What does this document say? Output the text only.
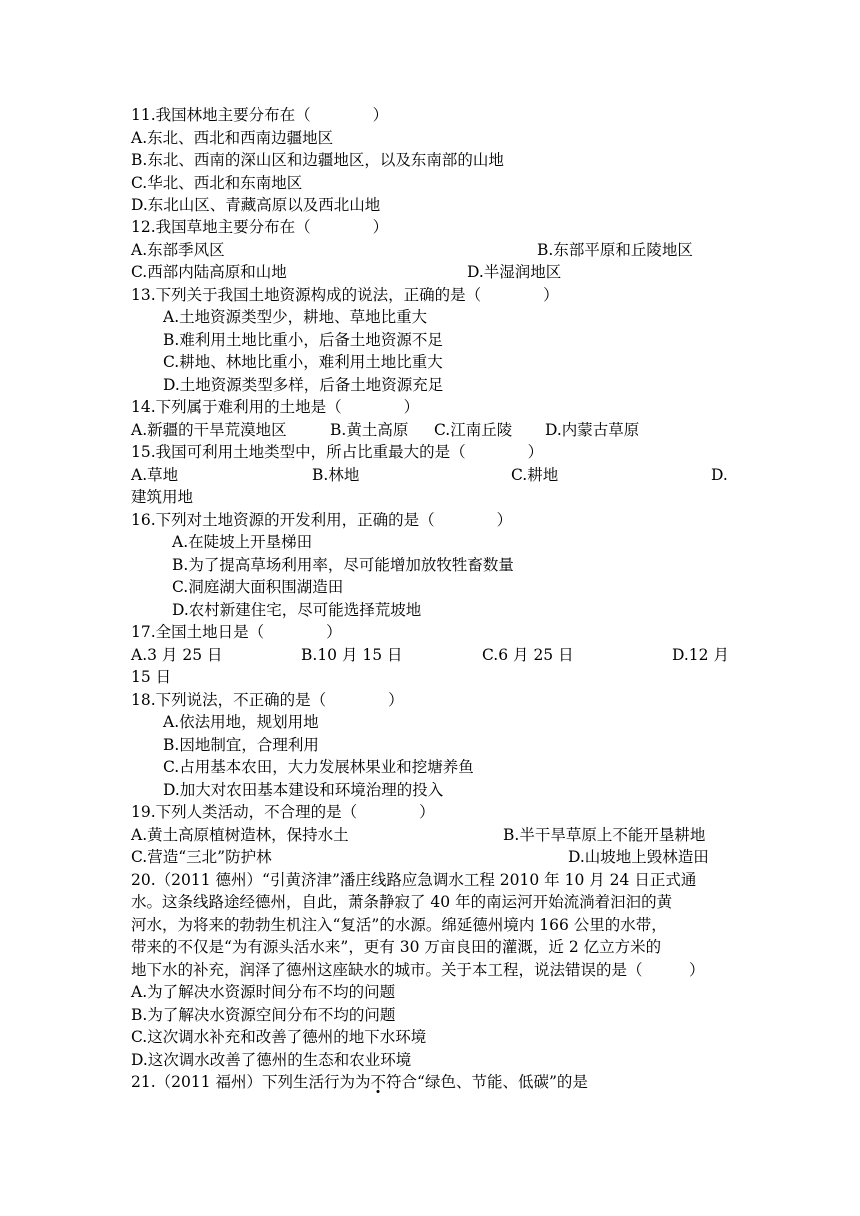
11.我国林地主要分布在（　　　　）
A.东北、西北和西南边疆地区
B.东北、西南的深山区和边疆地区，以及东南部的山地
C.华北、西北和东南地区
D.东北山区、青藏高原以及西北山地
12.我国草地主要分布在（　　　　）
A.东部季风区	B.东部平原和丘陵地区
C.西部内陆高原和山地	D.半湿润地区
13.下列关于我国土地资源构成的说法，正确的是（　　　　）
A.土地资源类型少，耕地、草地比重大
B.难利用土地比重小，后备土地资源不足
C.耕地、林地比重小，难利用土地比重大
D.土地资源类型多样，后备土地资源充足
14.下列属于难利用的土地是（　　　　）
A.新疆的干旱荒漠地区	B.黄土高原 C.江南丘陵 D.内蒙古草原
15.我国可利用土地类型中，所占比重最大的是（　　　　）
A.草地	B.林地	C.耕地	D.
建筑用地
16.下列对土地资源的开发利用，正确的是（　　　　）
A.在陡坡上开垦梯田
B.为了提高草场利用率，尽可能增加放牧牲畜数量
C.洞庭湖大面积围湖造田
D.农村新建住宅，尽可能选择荒坡地
17.全国土地日是（　　　　）
A.3 月 25 日	B.10 月 15 日	C.6 月 25 日	D.12 月
15 日
18.下列说法，不正确的是（　　　　）
A.依法用地，规划用地
B.因地制宜，合理利用
C.占用基本农田，大力发展林果业和挖塘养鱼
D.加大对农田基本建设和环境治理的投入
19.下列人类活动，不合理的是（　　　　）
A.黄土高原植树造林，保持水土	B.半干旱草原上不能开垦耕地
C.营造“三北”防护林	D.山坡地上毁林造田
20.（2011 德州）“引黄济津”潘庄线路应急调水工程 2010 年 10 月 24 日正式通
水。这条线路途经德州，自此，萧条静寂了 40 年的南运河开始流淌着汩汩的黄
河水，为将来的勃勃生机注入“复活”的水源。绵延德州境内 166 公里的水带，
带来的不仅是“为有源头活水来”，更有 30 万亩良田的灌溉，近 2 亿立方米的
地下水的补充，润泽了德州这座缺水的城市。关于本工程，说法错误的是（　　　）
A.为了解决水资源时间分布不均的问题
B.为了解决水资源空间分布不均的问题
C.这次调水补充和改善了德州的地下水环境
D.这次调水改善了德州的生态和农业环境
21.（2011 福州）下列生活行为为不符合“绿色、节能、低碳”的是
